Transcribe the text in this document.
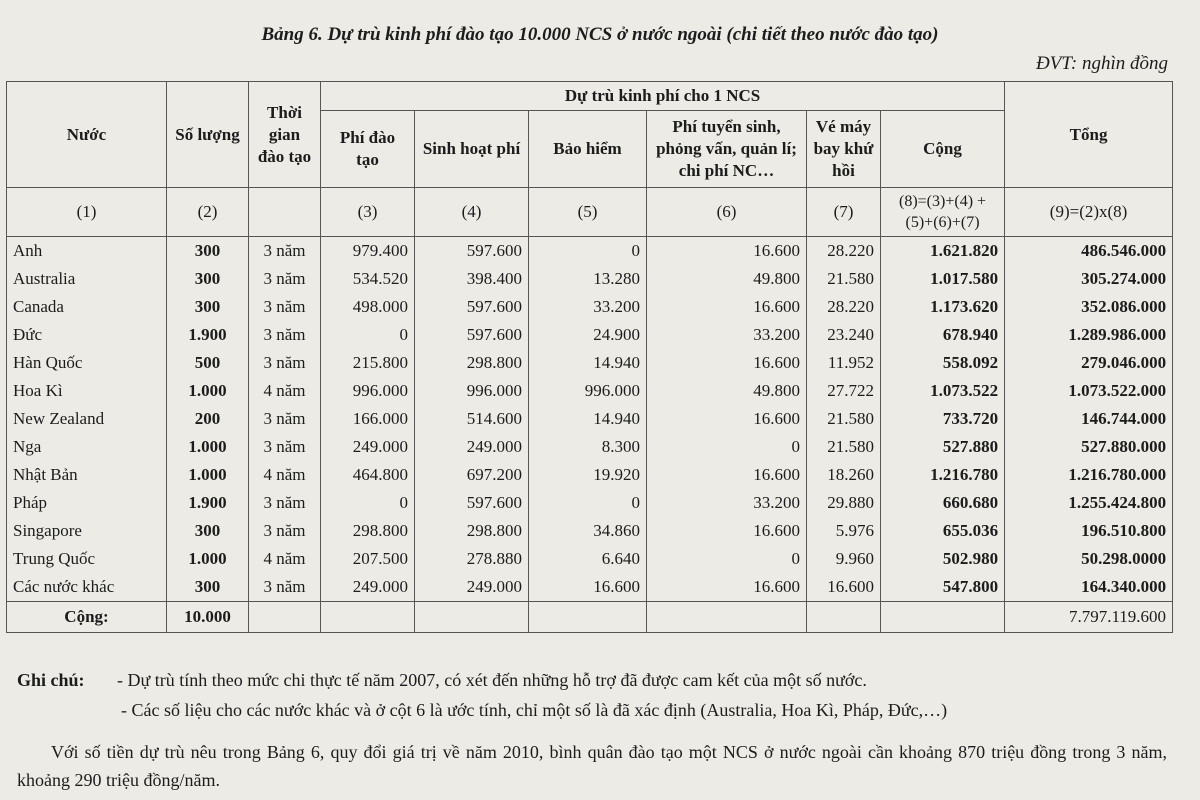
Bảng 6. Dự trù kinh phí đào tạo 10.000 NCS ở nước ngoài (chi tiết theo nước đào tạo)
ĐVT: nghìn đồng
Nước	Số lượng	Thời gian đào tạo	Dự trù kinh phí cho 1 NCS						Tổng
			Phí đào tạo	Sinh hoạt phí	Bảo hiểm	Phí tuyển sinh, phỏng vấn, quản lí; chi phí NC…	Vé máy bay khứ hồi	Cộng	
(1)	(2)		(3)	(4)	(5)	(6)	(7)	(8)=(3)+(4) +(5)+(6)+(7)	(9)=(2)x(8)
Anh	300	3 năm	979.400	597.600	0	16.600	28.220	1.621.820	486.546.000
Australia	300	3 năm	534.520	398.400	13.280	49.800	21.580	1.017.580	305.274.000
Canada	300	3 năm	498.000	597.600	33.200	16.600	28.220	1.173.620	352.086.000
Đức	1.900	3 năm	0	597.600	24.900	33.200	23.240	678.940	1.289.986.000
Hàn Quốc	500	3 năm	215.800	298.800	14.940	16.600	11.952	558.092	279.046.000
Hoa Kì	1.000	4 năm	996.000	996.000	996.000	49.800	27.722	1.073.522	1.073.522.000
New Zealand	200	3 năm	166.000	514.600	14.940	16.600	21.580	733.720	146.744.000
Nga	1.000	3 năm	249.000	249.000	8.300	0	21.580	527.880	527.880.000
Nhật Bản	1.000	4 năm	464.800	697.200	19.920	16.600	18.260	1.216.780	1.216.780.000
Pháp	1.900	3 năm	0	597.600	0	33.200	29.880	660.680	1.255.424.800
Singapore	300	3 năm	298.800	298.800	34.860	16.600	5.976	655.036	196.510.800
Trung Quốc	1.000	4 năm	207.500	278.880	6.640	0	9.960	502.980	50.298.0000
Các nước khác	300	3 năm	249.000	249.000	16.600	16.600	16.600	547.800	164.340.000
Cộng:	10.000								7.797.119.600
Ghi chú: - Dự trù tính theo mức chi thực tế năm 2007, có xét đến những hỗ trợ đã được cam kết của một số nước.
- Các số liệu cho các nước khác và ở cột 6 là ước tính, chỉ một số là đã xác định (Australia, Hoa Kì, Pháp, Đức,…)
Với số tiền dự trù nêu trong Bảng 6, quy đổi giá trị về năm 2010, bình quân đào tạo một NCS ở nước ngoài cần khoảng 870 triệu đồng trong 3 năm, khoảng 290 triệu đồng/năm.
